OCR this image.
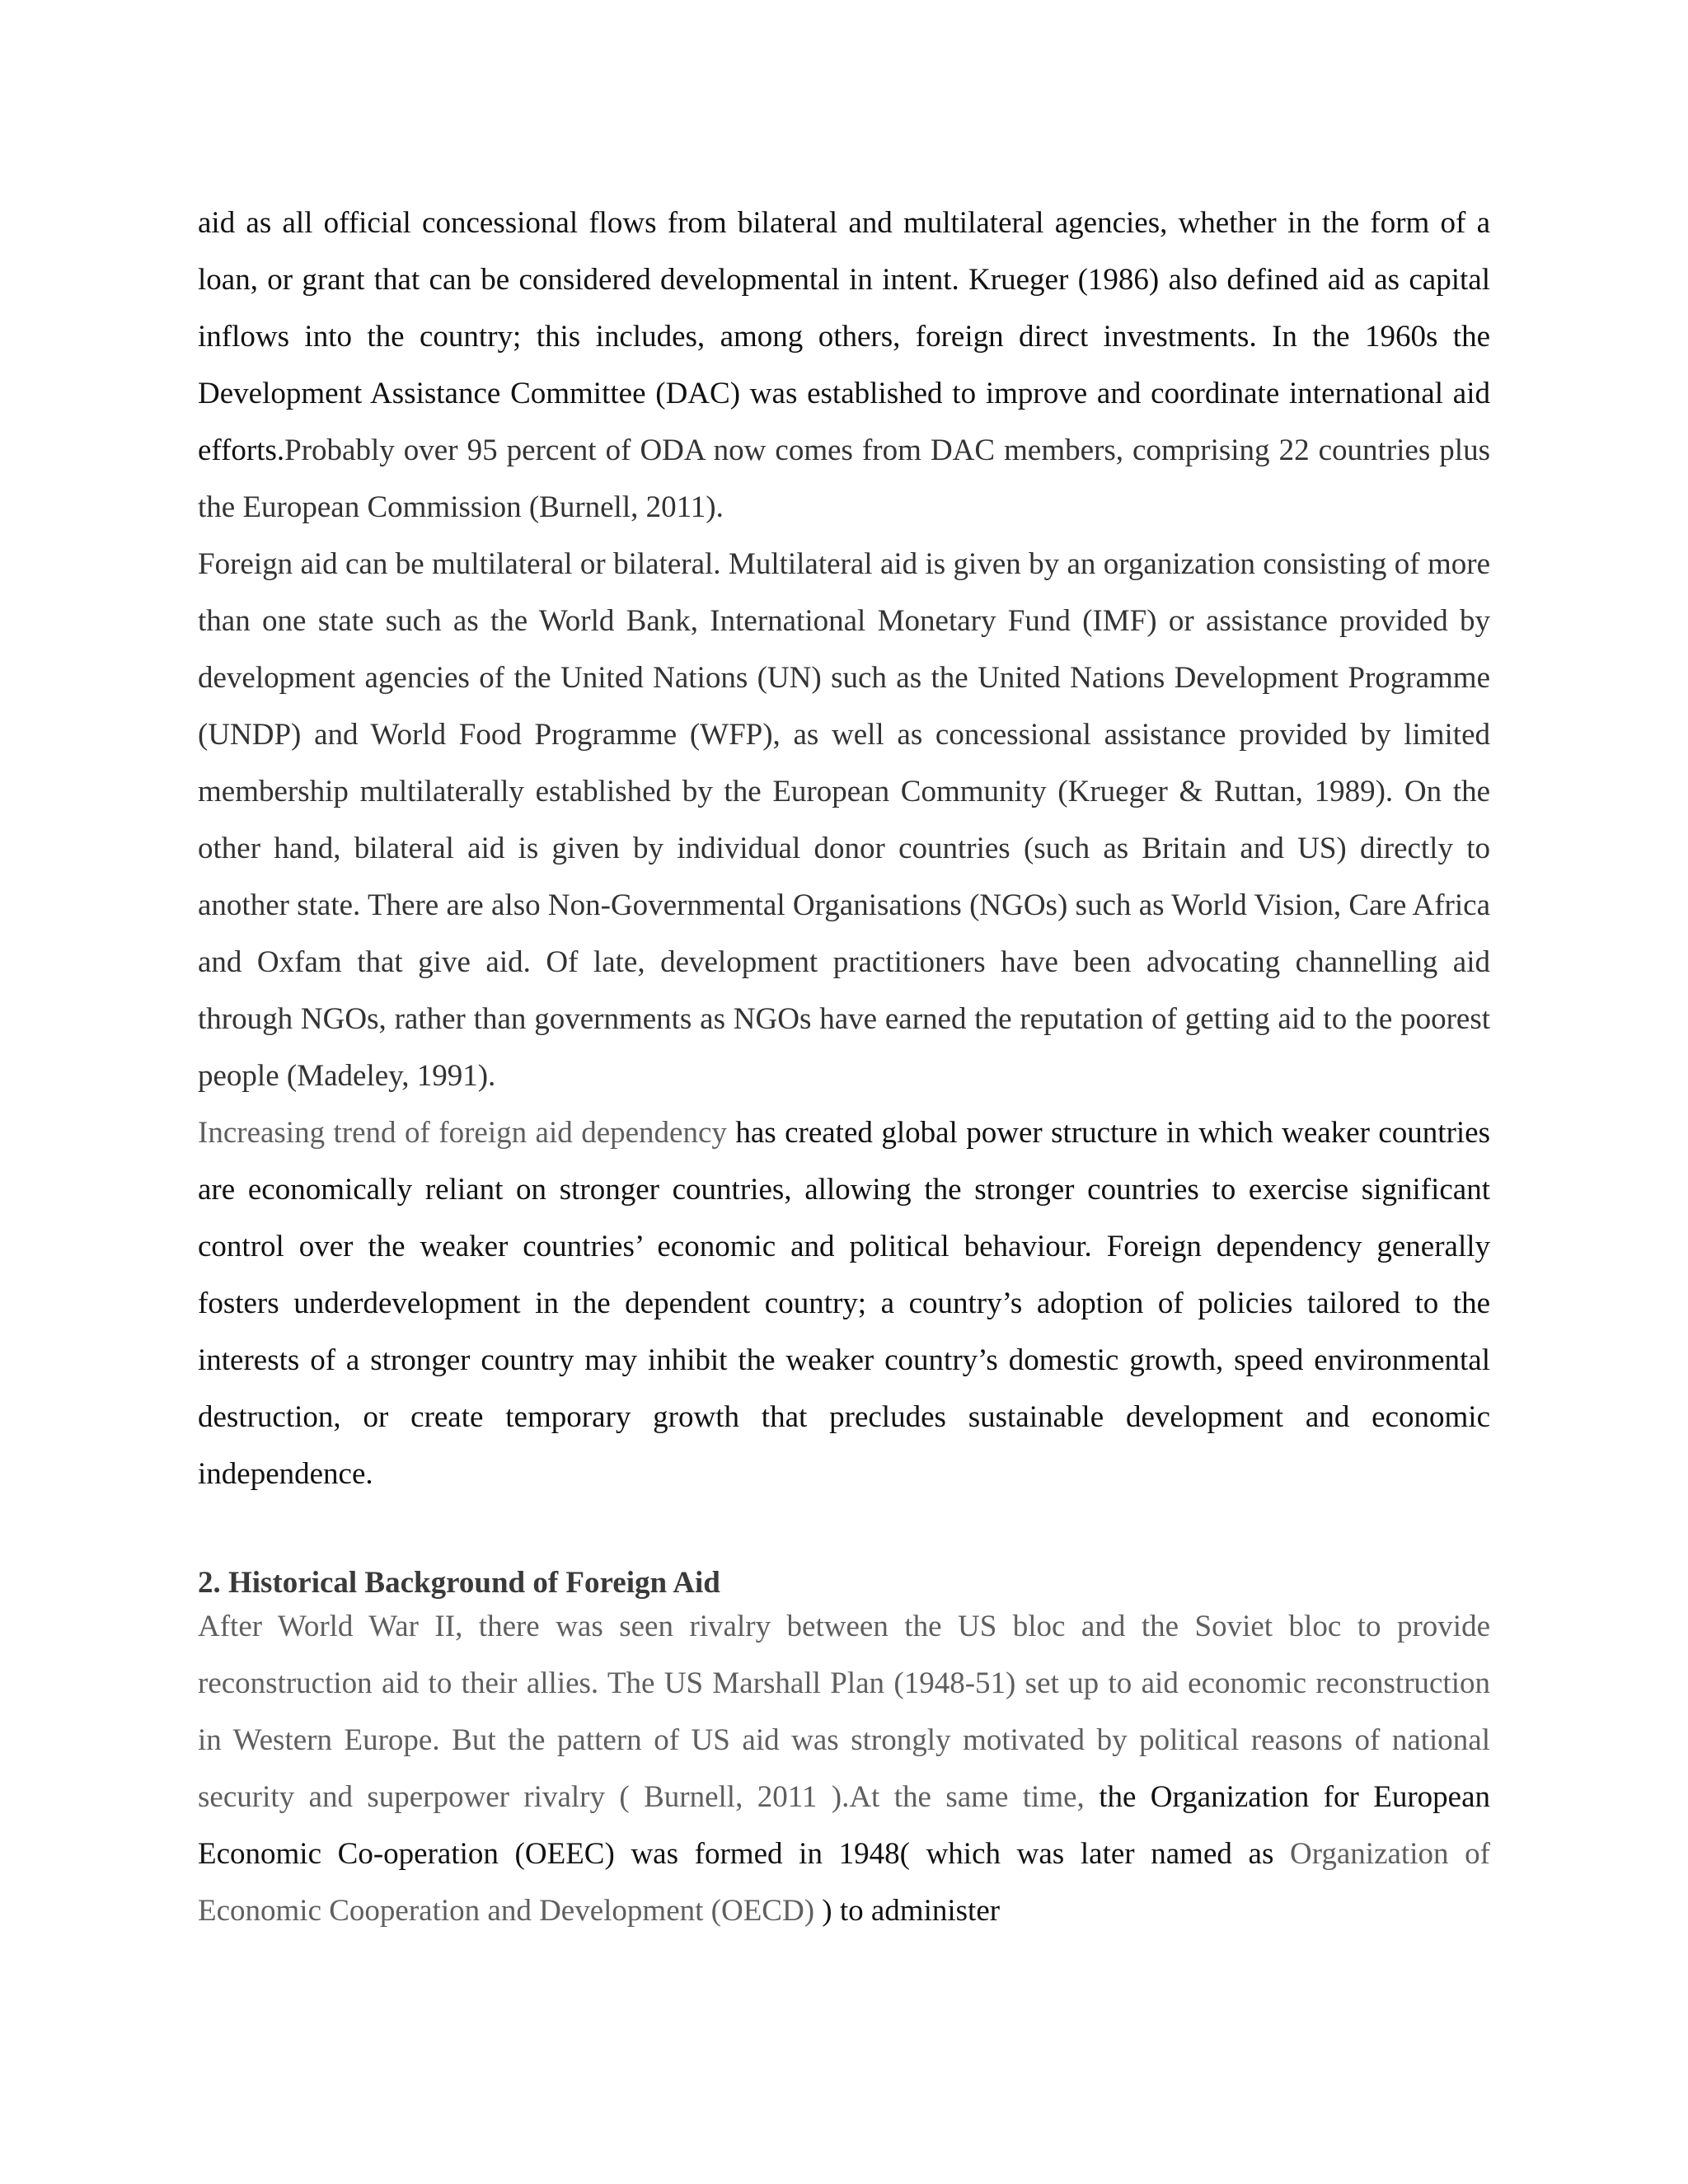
aid as all official concessional flows from bilateral and multilateral agencies, whether in the form of a loan, or grant that can be considered developmental in intent. Krueger (1986) also defined aid as capital inflows into the country; this includes, among others, foreign direct investments. In the 1960s the Development Assistance Committee (DAC) was established to improve and coordinate international aid efforts.Probably over 95 percent of ODA now comes from DAC members, comprising 22 countries plus the European Commission (Burnell, 2011).

Foreign aid can be multilateral or bilateral. Multilateral aid is given by an organization consisting of more than one state such as the World Bank, International Monetary Fund (IMF) or assistance provided by development agencies of the United Nations (UN) such as the United Nations Development Programme (UNDP) and World Food Programme (WFP), as well as concessional assistance provided by limited membership multilaterally established by the European Community (Krueger & Ruttan, 1989). On the other hand, bilateral aid is given by individual donor countries (such as Britain and US) directly to another state. There are also Non-Governmental Organisations (NGOs) such as World Vision, Care Africa and Oxfam that give aid. Of late, development practitioners have been advocating channelling aid through NGOs, rather than governments as NGOs have earned the reputation of getting aid to the poorest people (Madeley, 1991).

Increasing trend of foreign aid dependency has created global power structure in which weaker countries are economically reliant on stronger countries, allowing the stronger countries to exercise significant control over the weaker countries’ economic and political behaviour. Foreign dependency generally fosters underdevelopment in the dependent country; a country’s adoption of policies tailored to the interests of a stronger country may inhibit the weaker country’s domestic growth, speed environmental destruction, or create temporary growth that precludes sustainable development and economic independence.

2. Historical Background of Foreign Aid

After World War II, there was seen rivalry between the US bloc and the Soviet bloc to provide reconstruction aid to their allies. The US Marshall Plan (1948-51) set up to aid economic reconstruction in Western Europe. But the pattern of US aid was strongly motivated by political reasons of national security and superpower rivalry ( Burnell, 2011 ).At the same time, the Organization for European Economic Co-operation (OEEC) was formed in 1948( which was later named as Organization of Economic Cooperation and Development (OECD) ) to administer
